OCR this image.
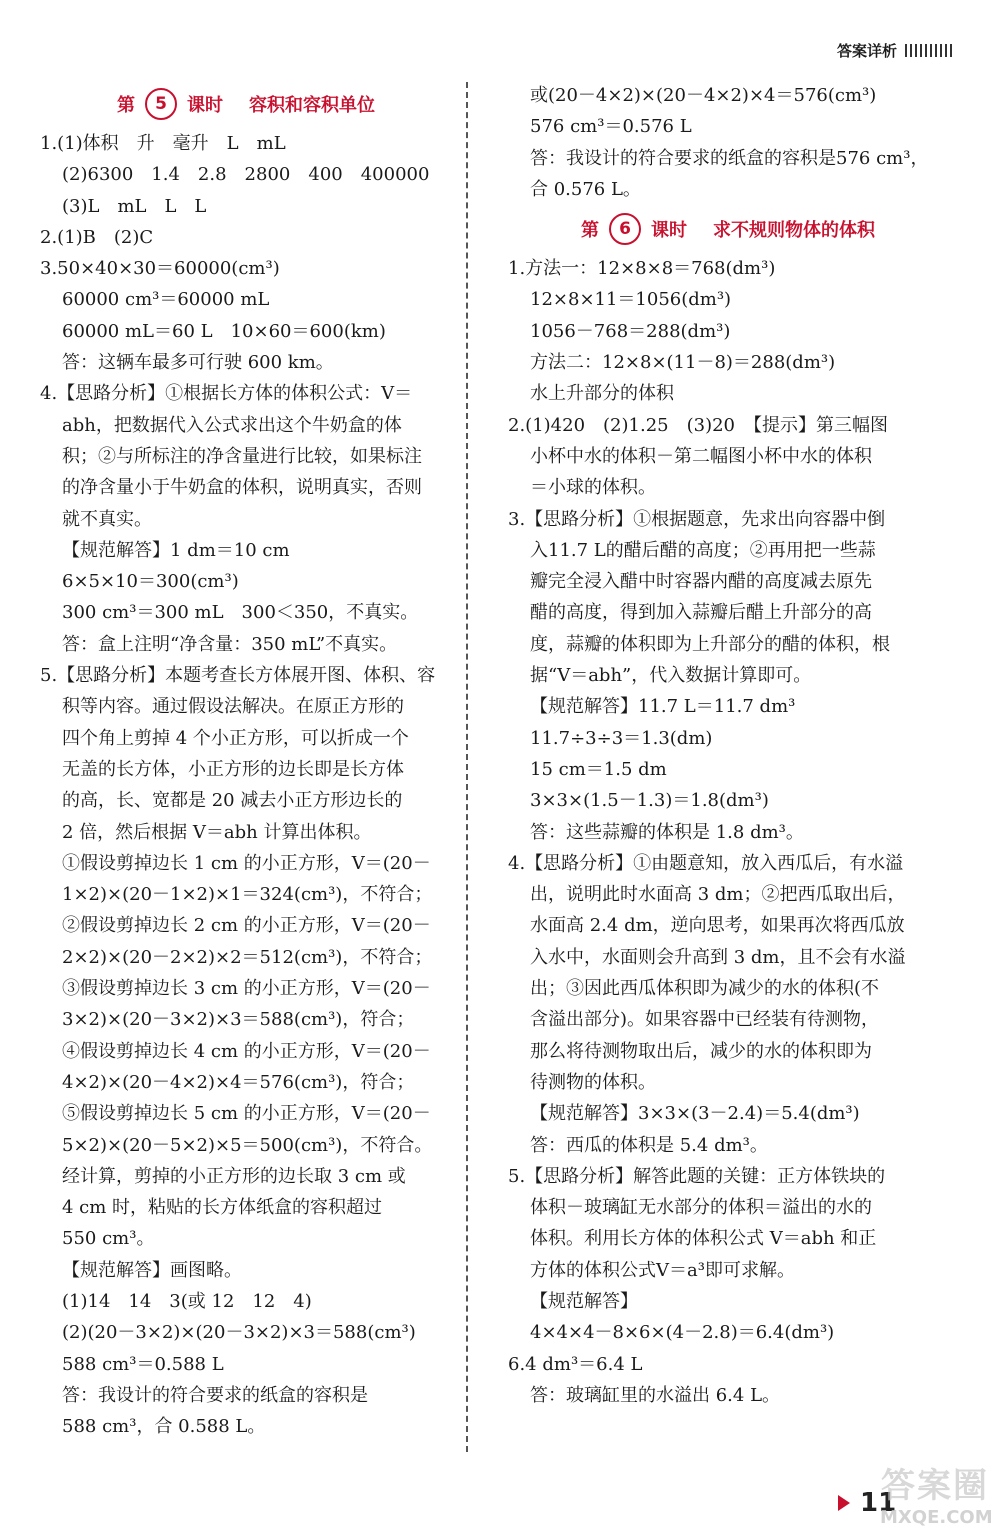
答案详析
第	5	课时 容积和容积单位
1.(1)体积　升　毫升　L　mL
(2)6300　1.4　2.8　2800　400　400000
(3)L　mL　L　L
2.(1)B　(2)C
3.50×40×30＝60000(cm³)
60000 cm³＝60000 mL
60000 mL＝60 L　10×60＝600(km)
答：这辆车最多可行驶 600 km。
4.【思路分析】①根据长方体的体积公式：V＝
abh，把数据代入公式求出这个牛奶盒的体
积；②与所标注的净含量进行比较，如果标注
的净含量小于牛奶盒的体积，说明真实，否则
就不真实。
【规范解答】1 dm＝10 cm
6×5×10＝300(cm³)
300 cm³＝300 mL　300＜350，不真实。
答：盒上注明“净含量：350 mL”不真实。
5.【思路分析】本题考查长方体展开图、体积、容
积等内容。通过假设法解决。在原正方形的
四个角上剪掉 4 个小正方形，可以折成一个
无盖的长方体，小正方形的边长即是长方体
的高，长、宽都是 20 减去小正方形边长的
2 倍，然后根据 V＝abh 计算出体积。
①假设剪掉边长 1 cm 的小正方形，V＝(20－
1×2)×(20－1×2)×1＝324(cm³)，不符合；
②假设剪掉边长 2 cm 的小正方形，V＝(20－
2×2)×(20－2×2)×2＝512(cm³)，不符合；
③假设剪掉边长 3 cm 的小正方形，V＝(20－
3×2)×(20－3×2)×3＝588(cm³)，符合；
④假设剪掉边长 4 cm 的小正方形，V＝(20－
4×2)×(20－4×2)×4＝576(cm³)，符合；
⑤假设剪掉边长 5 cm 的小正方形，V＝(20－
5×2)×(20－5×2)×5＝500(cm³)，不符合。
经计算，剪掉的小正方形的边长取 3 cm 或
4 cm 时，粘贴的长方体纸盒的容积超过
550 cm³。
【规范解答】画图略。
(1)14　14　3(或 12　12　4)
(2)(20－3×2)×(20－3×2)×3＝588(cm³)
588 cm³＝0.588 L
答：我设计的符合要求的纸盒的容积是
588 cm³，合 0.588 L。
或(20－4×2)×(20－4×2)×4＝576(cm³)
576 cm³＝0.576 L
答：我设计的符合要求的纸盒的容积是576 cm³，
合 0.576 L。
第	6	课时 求不规则物体的体积
1.方法一：12×8×8＝768(dm³)
12×8×11＝1056(dm³)
1056－768＝288(dm³)
方法二：12×8×(11－8)＝288(dm³)
水上升部分的体积
2.(1)420　(2)1.25　(3)20　【提示】第三幅图
小杯中水的体积－第二幅图小杯中水的体积
＝小球的体积。
3.【思路分析】①根据题意，先求出向容器中倒
入11.7 L的醋后醋的高度；②再用把一些蒜
瓣完全浸入醋中时容器内醋的高度减去原先
醋的高度，得到加入蒜瓣后醋上升部分的高
度，蒜瓣的体积即为上升部分的醋的体积，根
据“V＝abh”，代入数据计算即可。
【规范解答】11.7 L＝11.7 dm³
11.7÷3÷3＝1.3(dm)
15 cm＝1.5 dm
3×3×(1.5－1.3)＝1.8(dm³)
答：这些蒜瓣的体积是 1.8 dm³。
4.【思路分析】①由题意知，放入西瓜后，有水溢
出，说明此时水面高 3 dm；②把西瓜取出后，
水面高 2.4 dm，逆向思考，如果再次将西瓜放
入水中，水面则会升高到 3 dm，且不会有水溢
出；③因此西瓜体积即为减少的水的体积(不
含溢出部分)。如果容器中已经装有待测物，
那么将待测物取出后，减少的水的体积即为
待测物的体积。
【规范解答】3×3×(3－2.4)＝5.4(dm³)
答：西瓜的体积是 5.4 dm³。
5.【思路分析】解答此题的关键：正方体铁块的
体积－玻璃缸无水部分的体积＝溢出的水的
体积。利用长方体的体积公式 V＝abh 和正
方体的体积公式V＝a³即可求解。
【规范解答】
4×4×4－8×6×(4－2.8)＝6.4(dm³)
6.4 dm³＝6.4 L
答：玻璃缸里的水溢出 6.4 L。
11
答案圈
MXQE.COM
